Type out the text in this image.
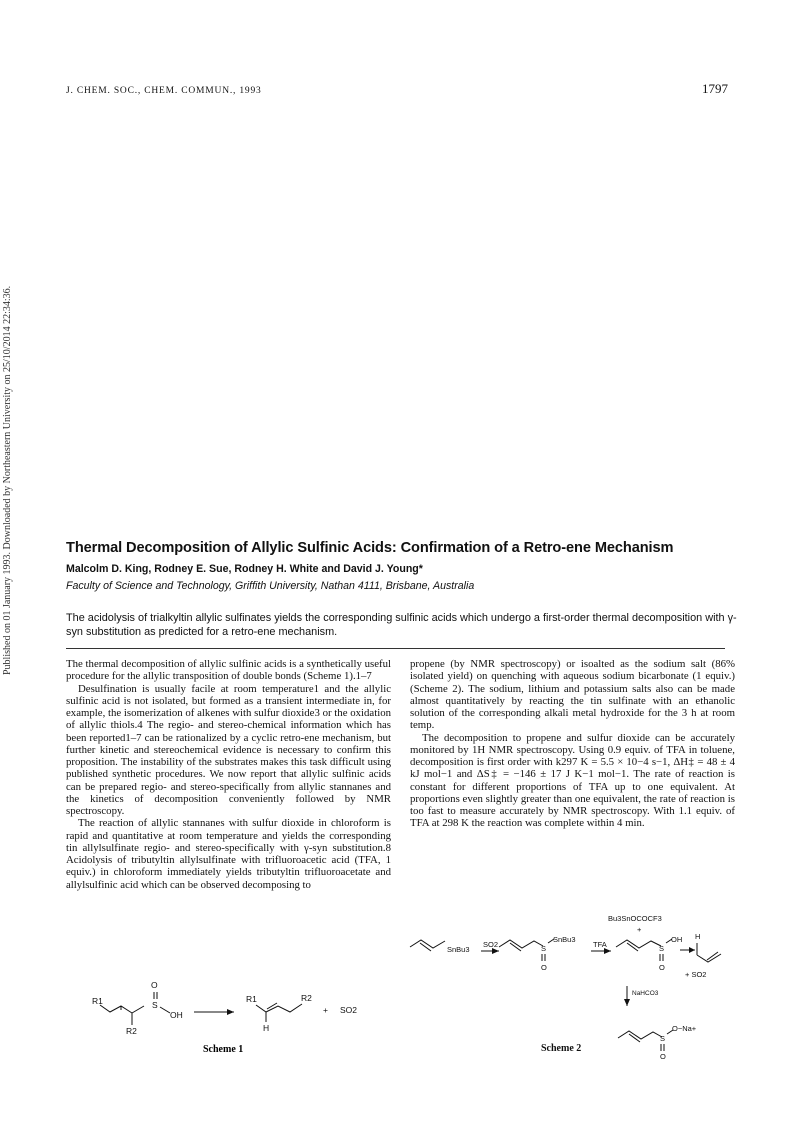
J. CHEM. SOC., CHEM. COMMUN., 1993	1797
Published on 01 January 1993. Downloaded by Northeastern University on 25/10/2014 22:34:36.	Thermal Decomposition of Allylic Sulfinic Acids: Confirmation of a Retro-ene Mechanism
Malcolm D. King, Rodney E. Sue, Rodney H. White and David J. Young*
Faculty of Science and Technology, Griffith University, Nathan 4111, Brisbane, Australia
The acidolysis of trialkyltin allylic sulfinates yields the corresponding sulfinic acids which undergo a first-order thermal decomposition with γ-syn substitution as predicted for a retro-ene mechanism.

The thermal decomposition of allylic sulfinic acids is a synthetically useful procedure for the allylic transposition of double bonds (Scheme 1).1–7

Desulfination is usually facile at room temperature1 and the allylic sulfinic acid is not isolated, but formed as a transient intermediate in, for example, the isomerization of alkenes with sulfur dioxide3 or the oxidation of allylic thiols.4 The regio- and stereo-chemical information which has been reported1–7 can be rationalized by a cyclic retro-ene mechanism, but further kinetic and stereochemical evidence is necessary to confirm this proposition. The instability of the substrates makes this task difficult using published synthetic procedures. We now report that allylic sulfinic acids can be prepared regio- and stereo-specifically from allylic stannanes and the kinetics of decomposition conveniently followed by NMR spectroscopy.

The reaction of allylic stannanes with sulfur dioxide in chloroform is rapid and quantitative at room temperature and yields the corresponding tin allylsulfinate regio- and stereo-specifically with γ-syn substitution.8 Acidolysis of tributyltin allylsulfinate with trifluoroacetic acid (TFA, 1 equiv.) in chloroform immediately yields tributyltin trifluoroacetate and allylsulfinic acid which can be observed decomposing to

propene (by NMR spectroscopy) or isoalted as the sodium salt (86% isolated yield) on quenching with aqueous sodium bicarbonate (1 equiv.) (Scheme 2). The sodium, lithium and potassium salts also can be made almost quantitatively by reacting the tin sulfinate with an ethanolic solution of the corresponding alkali metal hydroxide for the 3 h at room temp.

The decomposition to propene and sulfur dioxide can be accurately monitored by 1H NMR spectroscopy. Using 0.9 equiv. of TFA in toluene, decomposition is first order with k297 K = 5.5 × 10−4 s−1, ΔH‡ = 48 ± 4 kJ mol−1 and ΔS‡ = −146 ± 17 J K−1 mol−1. The rate of reaction is constant for different proportions of TFA up to one equivalent. At proportions even slightly greater than one equivalent, the rate of reaction is too fast to measure accurately by NMR spectroscopy. With 1.1 equiv. of TFA at 298 K the reaction was complete within 4 min.

R1
O
S
OH
R2
R1	R2
H
+ SO2
Scheme 1
SnBu3
SO2	S
SnBu3
O
TFA
Bu3SnOCOCF3
+
S
OH
O
H
+ SO2
NaHCO3
S
O−Na+
O
Scheme 2
